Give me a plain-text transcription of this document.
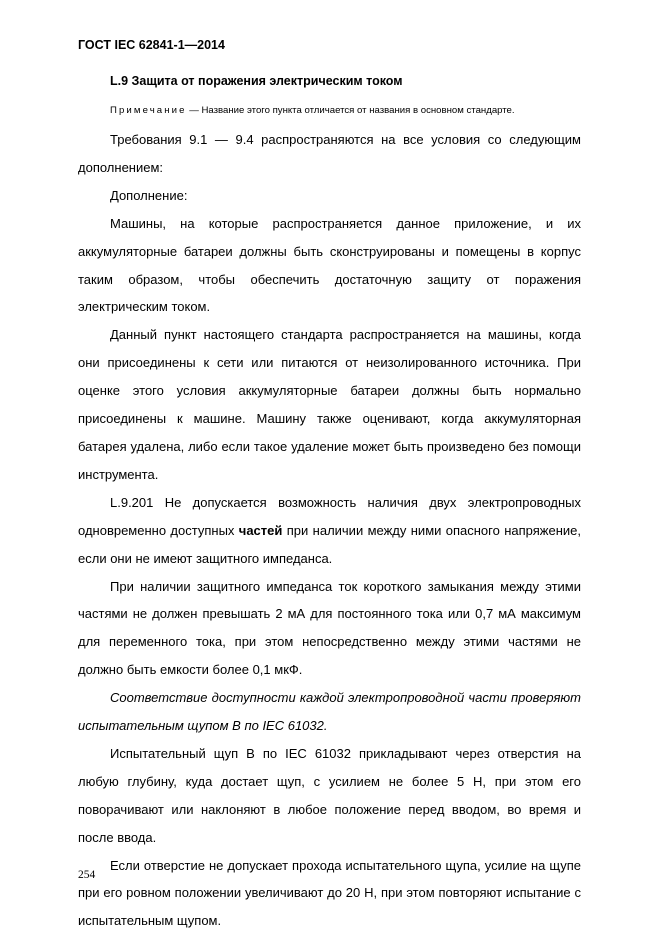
ГОСТ IEC 62841-1—2014
L.9 Защита от поражения электрическим током
Примечание — Название этого пункта отличается от названия в основном стандарте.

Требования 9.1 — 9.4 распространяются на все условия со следующим дополнением:

Дополнение:

Машины, на которые распространяется данное приложение, и их аккумуляторные батареи должны быть сконструированы и помещены в корпус таким образом, чтобы обеспечить достаточную защиту от поражения электрическим током.

Данный пункт настоящего стандарта распространяется на машины, когда они присоединены к сети или питаются от неизолированного источника. При оценке этого условия аккумуляторные батареи должны быть нормально присоединены к машине. Машину также оценивают, когда аккумуляторная батарея удалена, либо если такое удаление может быть произведено без помощи инструмента.

L.9.201 Не допускается возможность наличия двух электропроводных одновременно доступных частей при наличии между ними опасного напряжение, если они не имеют защитного импеданса.

При наличии защитного импеданса ток короткого замыкания между этими частями не должен превышать 2 мА для постоянного тока или 0,7 мА максимум для переменного тока, при этом непосредственно между этими частями не должно быть емкости более 0,1 мкФ.

Соответствие доступности каждой электропроводной части проверяют испытательным щупом В по IEC 61032.

Испытательный щуп В по IEC 61032 прикладывают через отверстия на любую глубину, куда достает щуп, с усилием не более 5 Н, при этом его поворачивают или наклоняют в любое положение перед вводом, во время и после ввода.

Если отверстие не допускает прохода испытательного щупа, усилие на щупе при его ровном положении увеличивают до 20 Н, при этом повторяют испытание с испытательным щупом.

254
